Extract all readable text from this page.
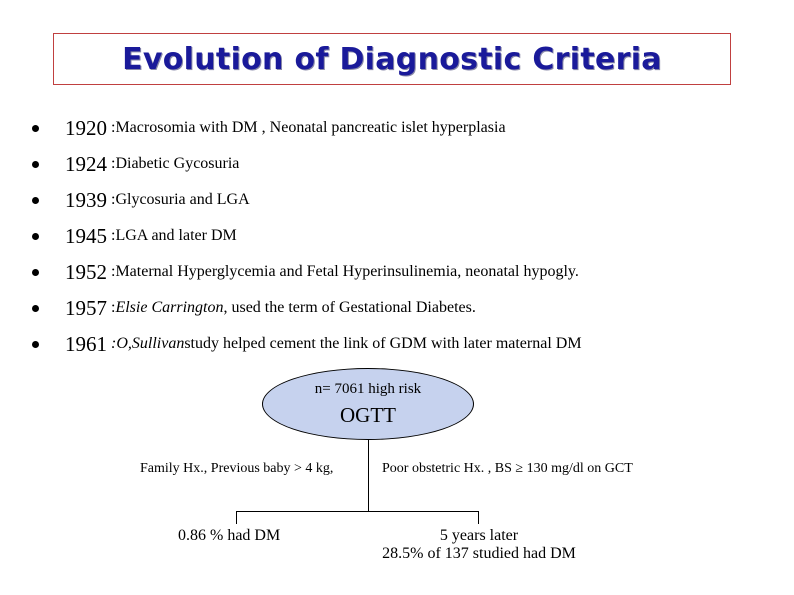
Evolution of Diagnostic Criteria
1920 : Macrosomia with DM , Neonatal pancreatic islet hyperplasia
1924 : Diabetic Gycosuria
1939 : Glycosuria and LGA
1945 : LGA and later DM
1952 : Maternal Hyperglycemia and Fetal Hyperinsulinemia, neonatal hypogly.
1957 : Elsie Carrington , used the term of Gestational Diabetes.
1961 : O,Sullivan study helped cement the link of GDM with later maternal DM
n= 7061 high risk
OGTT
Family Hx., Previous baby > 4 kg,	Poor obstetric Hx. , BS ≥ 130 mg/dl on GCT
0.86 % had DM	5 years later
28.5% of 137 studied had DM
